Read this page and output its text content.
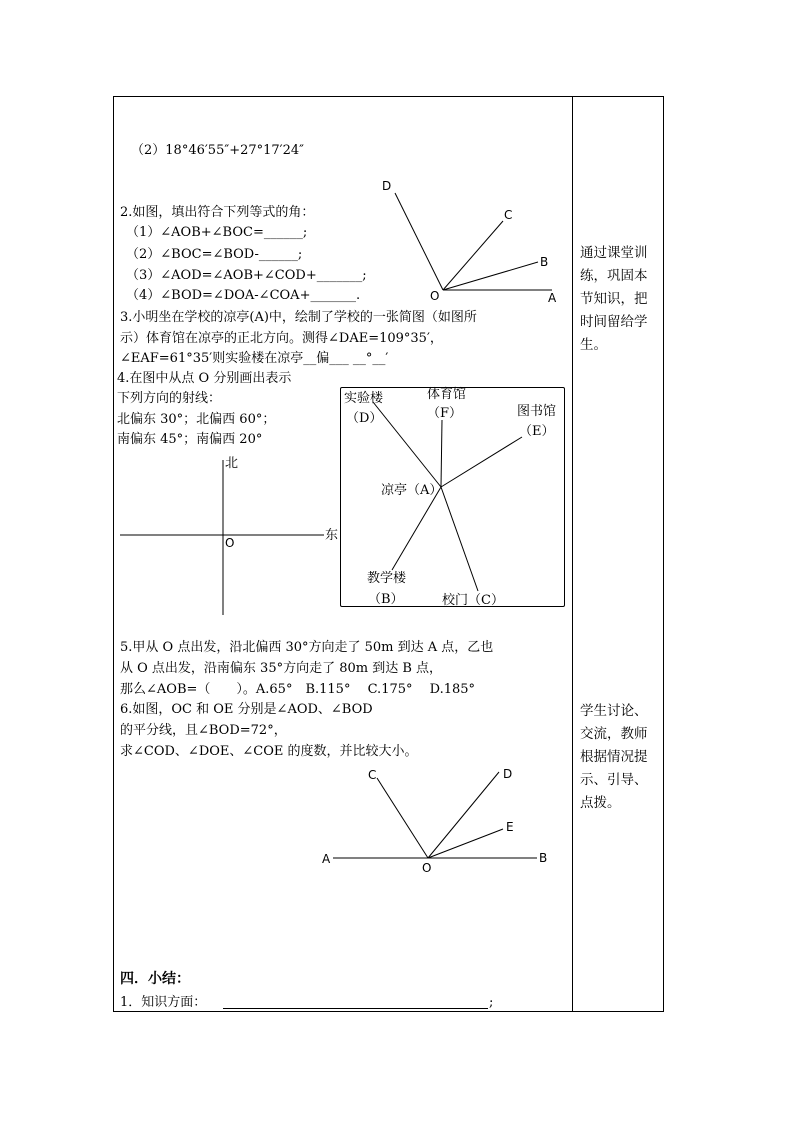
（2）18°46′55″+27°17′24″
2.如图，填出符合下列等式的角：
（1）∠AOB+∠BOC=______;
（2）∠BOC=∠BOD-______;
（3）∠AOD=∠AOB+∠COD+_______;
（4）∠BOD=∠DOA-∠COA+_______.
D
C
B
O	A
3.小明坐在学校的凉亭(A)中，绘制了学校的一张简图（如图所
示）体育馆在凉亭的正北方向。测得∠DAE=109°35′，
∠EAF=61°35′则实验楼在凉亭__偏___ __°__′
4.在图中从点 O 分别画出表示
下列方向的射线：
北偏东 30°；北偏西 60°；
南偏东 45°；南偏西 20°
北
东
O
实验楼
（D）
体育馆
（F）	图书馆
（E）
凉亭（A）
教学楼
（B）	校门（C）
5.甲从 O 点出发，沿北偏西 30°方向走了 50m 到达 A 点，乙也
从 O 点出发，沿南偏东 35°方向走了 80m 到达 B 点，
那么∠AOB=（　　）。A.65°　B.115°　 C.175°　 D.185°
6.如图，OC 和 OE 分别是∠AOD、∠BOD
的平分线，且∠BOD=72°，
求∠COD、∠DOE、∠COE 的度数，并比较大小。
C	D
E
A	B
O
四．小结：
1．知识方面：	;
通过课堂训练，巩固本节知识，把时间留给学生。
学生讨论、交流，教师根据情况提示、引导、点拨。
